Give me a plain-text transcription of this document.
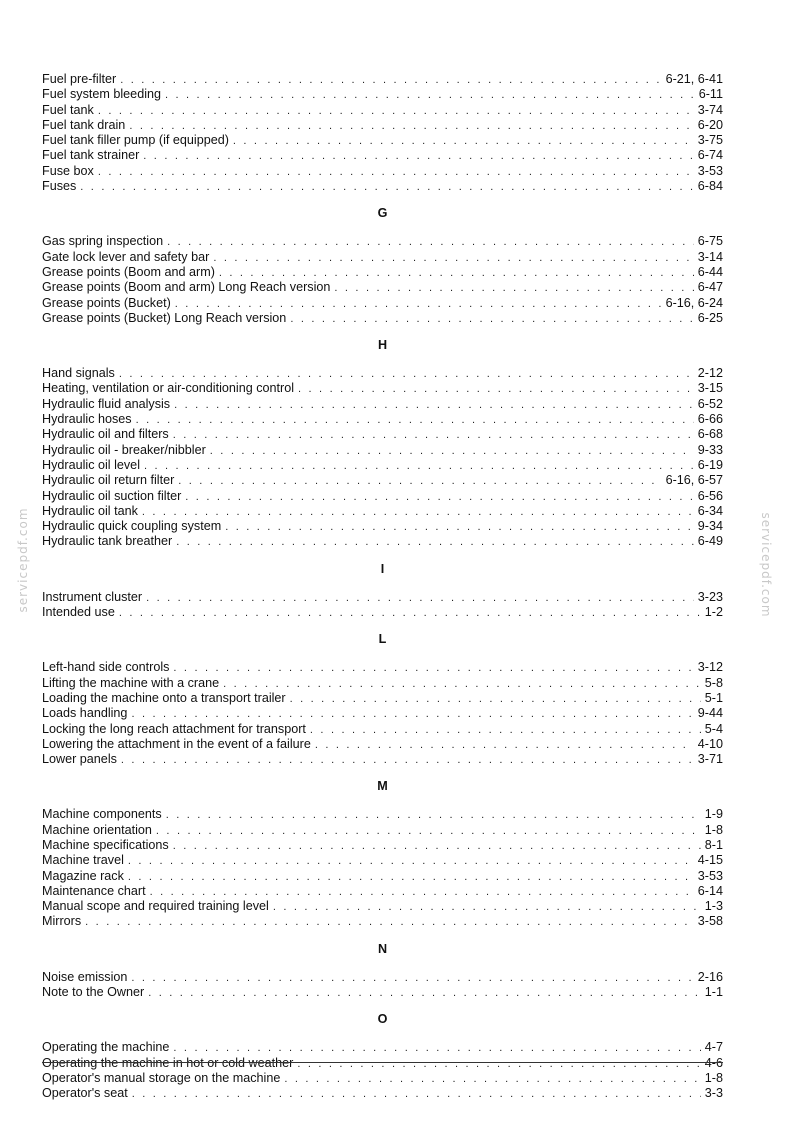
Fuel pre-filter . . .	6-21, 6-41
Fuel system bleeding . . .	6-11
Fuel tank . . .	3-74
Fuel tank drain . . .	6-20
Fuel tank filler pump (if equipped) . . .	3-75
Fuel tank strainer . . .	6-74
Fuse box . . .	3-53
Fuses . . .	6-84
G
Gas spring inspection . . .	6-75
Gate lock lever and safety bar . . .	3-14
Grease points (Boom and arm) . . .	6-44
Grease points (Boom and arm) Long Reach version . . .	6-47
Grease points (Bucket) . . .	6-16, 6-24
Grease points (Bucket) Long Reach version . . .	6-25
H
Hand signals . . .	2-12
Heating, ventilation or air-conditioning control . . .	3-15
Hydraulic fluid analysis . . .	6-52
Hydraulic hoses . . .	6-66
Hydraulic oil and filters . . .	6-68
Hydraulic oil - breaker/nibbler . . .	9-33
Hydraulic oil level . . .	6-19
Hydraulic oil return filter . . .	6-16, 6-57
Hydraulic oil suction filter . . .	6-56
Hydraulic oil tank . . .	6-34
Hydraulic quick coupling system . . .	9-34
Hydraulic tank breather . . .	6-49
I
Instrument cluster . . .	3-23
Intended use . . .	1-2
L
Left-hand side controls . . .	3-12
Lifting the machine with a crane . . .	5-8
Loading the machine onto a transport trailer . . .	5-1
Loads handling . . .	9-44
Locking the long reach attachment for transport . . .	5-4
Lowering the attachment in the event of a failure . . .	4-10
Lower panels . . .	3-71
M
Machine components . . .	1-9
Machine orientation . . .	1-8
Machine specifications . . .	8-1
Machine travel . . .	4-15
Magazine rack . . .	3-53
Maintenance chart . . .	6-14
Manual scope and required training level . . .	1-3
Mirrors . . .	3-58
N
Noise emission . . .	2-16
Note to the Owner . . .	1-1
O
Operating the machine . . .	4-7
Operating the machine in hot or cold weather . . .	4-6
Operator's manual storage on the machine . . .	1-8
Operator's seat . . .	3-3
servicepdf.com	servicepdf.com
